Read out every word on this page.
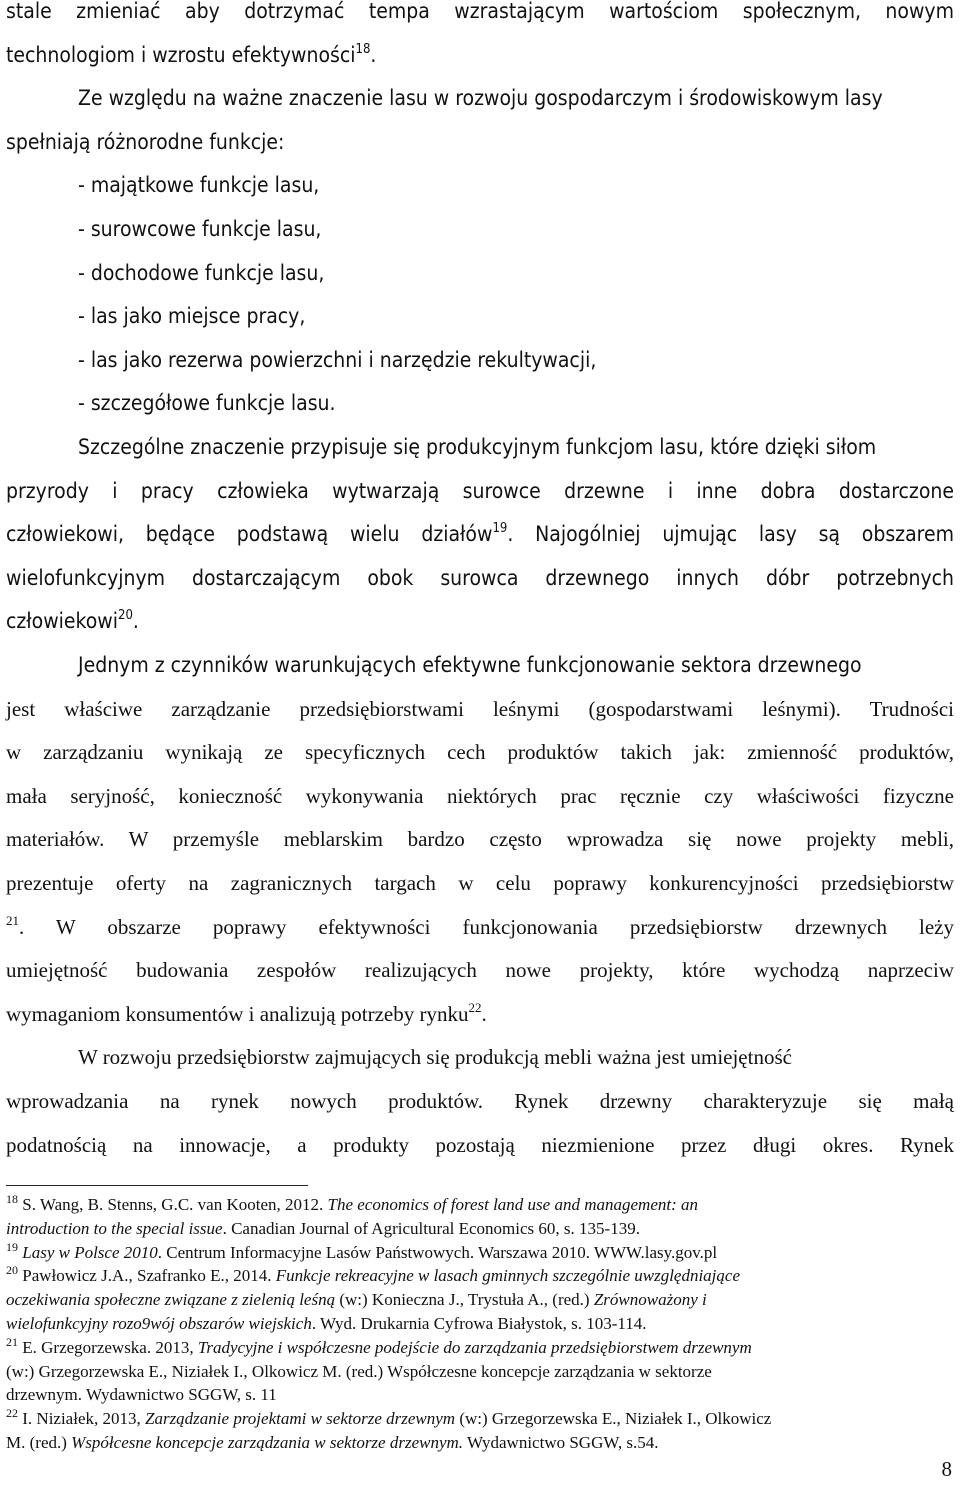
stale zmieniać aby dotrzymać tempa wzrastającym wartościom społecznym, nowym
technologiom i wzrostu efektywności$^{18}$.
Ze względu na ważne znaczenie lasu w rozwoju gospodarczym i środowiskowym lasy
spełniają różnorodne funkcje:
- majątkowe funkcje lasu,
- surowcowe funkcje lasu,
- dochodowe funkcje lasu,
- las jako miejsce pracy,
- las jako rezerwa powierzchni i narzędzie rekultywacji,
- szczegółowe funkcje lasu.
Szczególne znaczenie przypisuje się produkcyjnym funkcjom lasu, które dzięki siłom
przyrody i pracy człowieka wytwarzają surowce drzewne i inne dobra dostarczone
człowiekowi, będące podstawą wielu działów$^{19}$. Najogólniej ujmując lasy są obszarem
wielofunkcyjnym dostarczającym obok surowca drzewnego innych dóbr potrzebnych
człowiekowi$^{20}$.
Jednym z czynników warunkujących efektywne funkcjonowanie sektora drzewnego
jest właściwe zarządzanie przedsiębiorstwami leśnymi (gospodarstwami leśnymi). Trudności
w zarządzaniu wynikają ze specyficznych cech produktów takich jak: zmienność produktów,
mała seryjność, konieczność wykonywania niektórych prac ręcznie czy właściwości fizyczne
materiałów. W przemyśle meblarskim bardzo często wprowadza się nowe projekty mebli,
prezentuje oferty na zagranicznych targach w celu poprawy konkurencyjności przedsiębiorstw
$^{21}$. W obszarze poprawy efektywności funkcjonowania przedsiębiorstw drzewnych leży
umiejętność budowania zespołów realizujących nowe projekty, które wychodzą naprzeciw
wymaganiom konsumentów i analizują potrzeby rynku$^{22}$.
W rozwoju przedsiębiorstw zajmujących się produkcją mebli ważna jest umiejętność
wprowadzania na rynek nowych produktów. Rynek drzewny charakteryzuje się małą
podatnością na innowacje, a produkty pozostają niezmienione przez długi okres. Rynek
$^{18}$ S. Wang, B. Stenns, G.C. van Kooten, 2012. The economics of forest land use and management: an
introduction to the special issue. Canadian Journal of Agricultural Economics 60, s. 135-139.
$^{19}$ Lasy w Polsce 2010. Centrum Informacyjne Lasów Państwowych. Warszawa 2010. WWW.lasy.gov.pl
$^{20}$ Pawłowicz J.A., Szafranko E., 2014. Funkcje rekreacyjne w lasach gminnych szczególnie uwzględniające
oczekiwania społeczne związane z zielenią leśną (w:) Konieczna J., Trystuła A., (red.) Zrównoważony i
wielofunkcyjny rozo9wój obszarów wiejskich. Wyd. Drukarnia Cyfrowa Białystok, s. 103-114.
$^{21}$ E. Grzegorzewska. 2013, Tradycyjne i współczesne podejście do zarządzania przedsiębiorstwem drzewnym
(w:) Grzegorzewska E., Niziałek I., Olkowicz M. (red.) Współczesne koncepcje zarządzania w sektorze
drzewnym. Wydawnictwo SGGW, s. 11
$^{22}$ I. Niziałek, 2013, Zarządzanie projektami w sektorze drzewnym (w:) Grzegorzewska E., Niziałek I., Olkowicz
M. (red.) Współcesne koncepcje zarządzania w sektorze drzewnym. Wydawnictwo SGGW, s.54.
8
